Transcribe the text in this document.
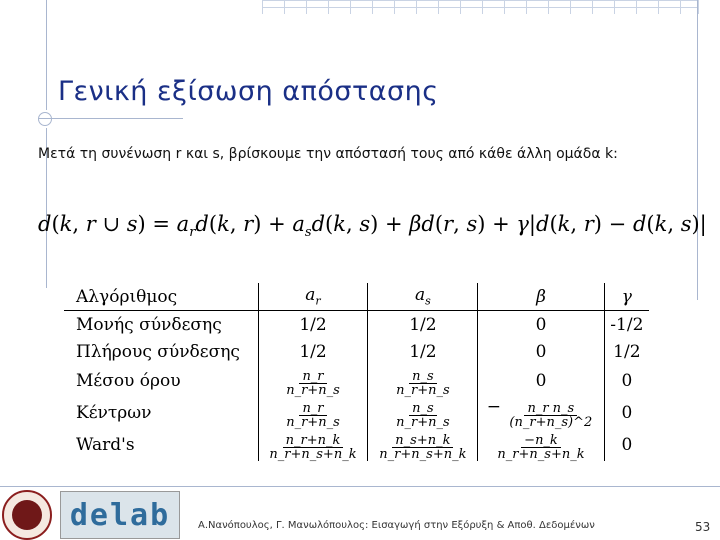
Γενική εξίσωση απόστασης
Μετά τη συνένωση r και s, βρίσκουμε την απόστασή τους από κάθε άλλη ομάδα k:
d(k, r ∪ $s) = a_rd(k$, $r) + a_sd(k$, s) + βd(r, s) + γ|d(k, r) − d(k, s)|
Αλγόριθμος	$a_r$	$a_s$	β	γ
Μονής σύνδεσης	1/2	1/2	0	-1/2
Πλήρους σύνδεσης	1/2	1/2	0	1/2
Μέσου όρου	$\frac{n\_r}{n\_r+n\_s}$	$\frac{n\_s}{n\_r+n\_s}$	0	0
Κέντρων	$\frac{n\_r}{n\_r+n\_s}$	$\frac{n\_s}{n\_r+n\_s}$	− $\frac{\text{n\_r n\_s}}{(n\_r+n\_s)\^{}2}$	0
Ward's	$\frac{n\_r+n\_k}{n\_r+n\_s+n\_k}$	$\frac{n\_s+n\_k}{n\_r+n\_s+n\_k}$	$\frac{-n\_k}{n\_r+n\_s+n\_k}$	0
delab	Α.Νανόπουλος, Γ. Μανωλόπουλος: Εισαγωγή στην Εξόρυξη & Αποθ. Δεδομένων	53
